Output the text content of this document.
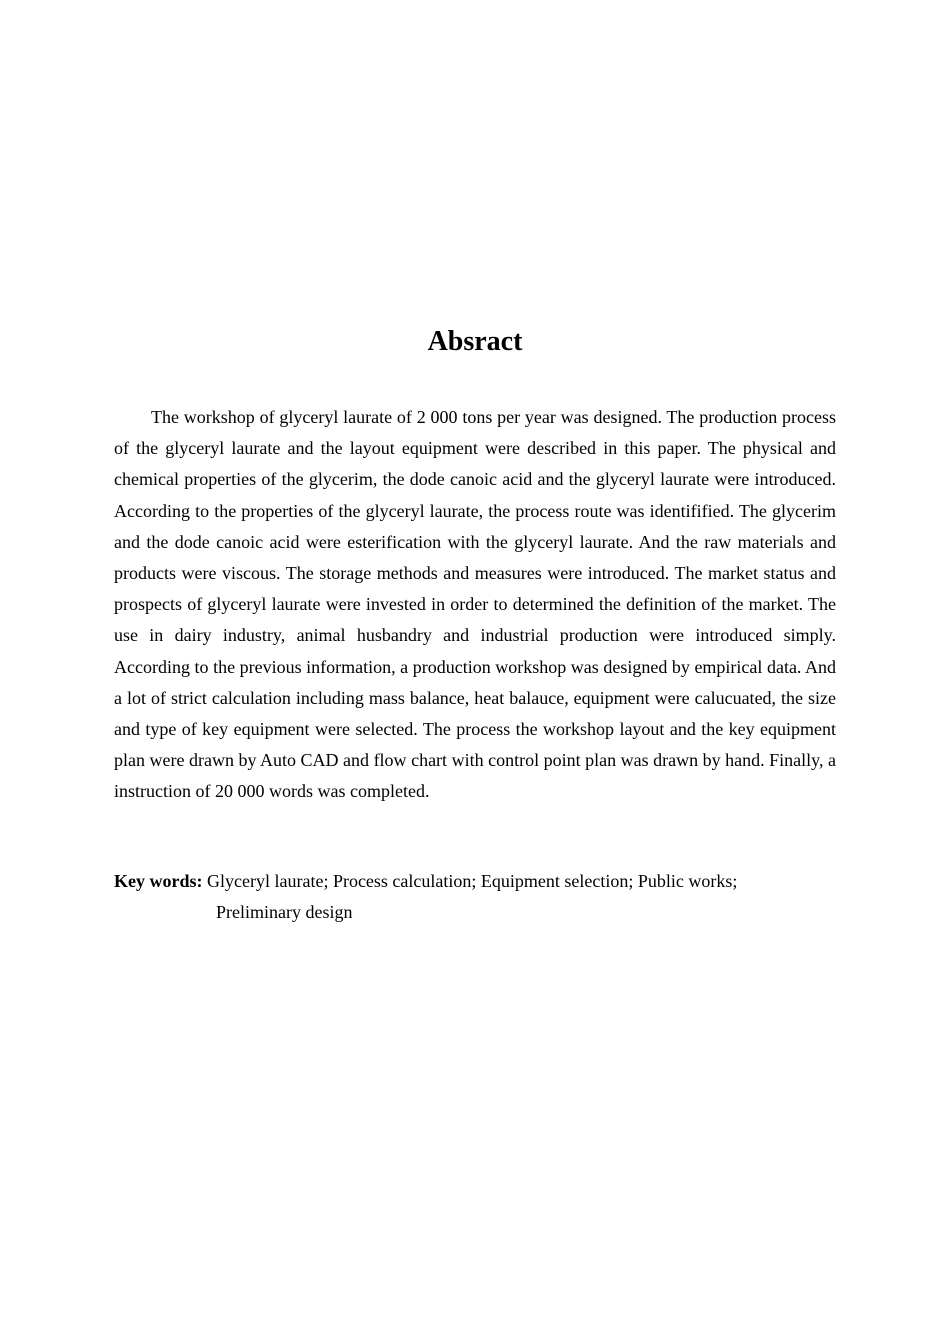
Absract

The workshop of glyceryl laurate of 2 000 tons per year was designed. The production process of the glyceryl laurate and the layout equipment were described in this paper. The physical and chemical properties of the glycerim, the dode canoic acid and the glyceryl laurate were introduced. According to the properties of the glyceryl laurate, the process route was identifified. The glycerim and the dode canoic acid were esterification with the glyceryl laurate. And the raw materials and products were viscous. The storage methods and measures were introduced. The market status and prospects of glyceryl laurate were invested in order to determined the definition of the market. The use in dairy industry, animal husbandry and industrial production were introduced simply. According to the previous information, a production workshop was designed by empirical data. And a lot of strict calculation including mass balance, heat balauce, equipment were calucuated, the size and type of key equipment were selected. The process the workshop layout and the key equipment plan were drawn by Auto CAD and flow chart with control point plan was drawn by hand. Finally, a instruction of 20 000 words was completed.

Key words: Glyceryl laurate; Process calculation; Equipment selection; Public works;
Preliminary design
